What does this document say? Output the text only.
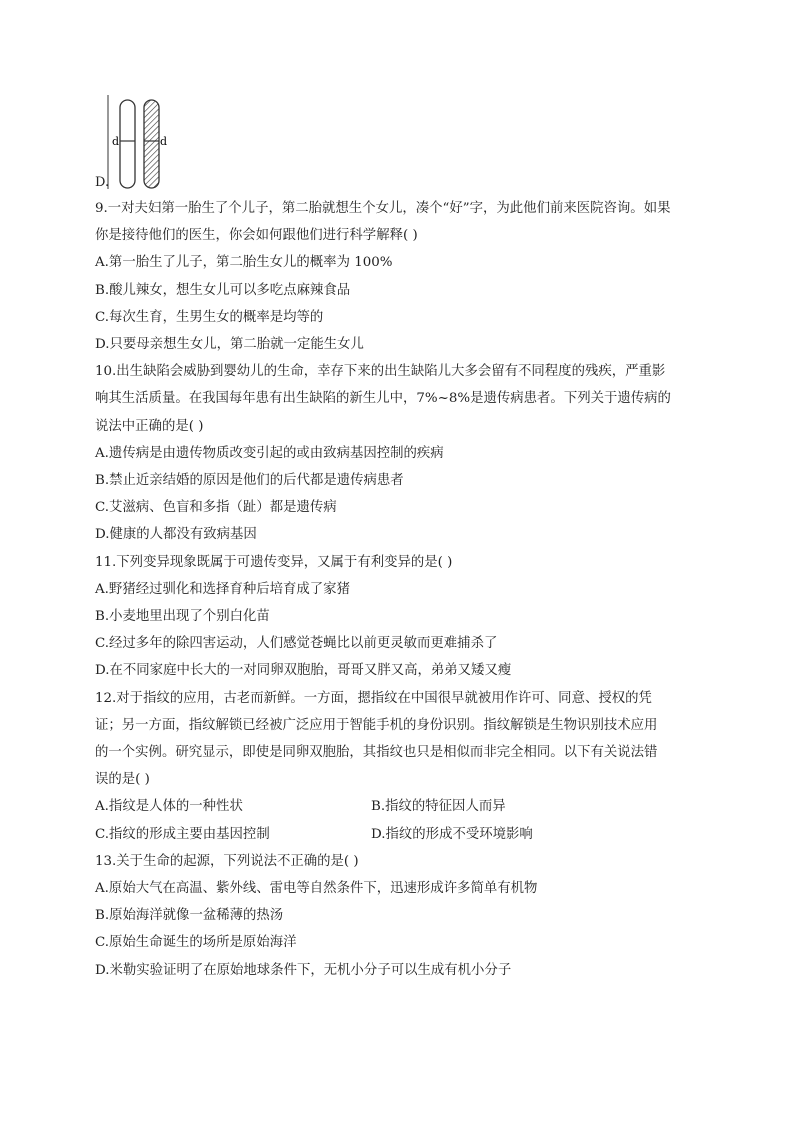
d	d
D.
9.一对夫妇第一胎生了个儿子，第二胎就想生个女儿，凑个“好”字，为此他们前来医院咨询。如果
你是接待他们的医生，你会如何跟他们进行科学解释( )
A.第一胎生了儿子，第二胎生女儿的概率为 100%
B.酸儿辣女，想生女儿可以多吃点麻辣食品
C.每次生育，生男生女的概率是均等的
D.只要母亲想生女儿，第二胎就一定能生女儿
10.出生缺陷会威胁到婴幼儿的生命，幸存下来的出生缺陷儿大多会留有不同程度的残疾，严重影
响其生活质量。在我国每年患有出生缺陷的新生儿中，7%~8%是遗传病患者。下列关于遗传病的
说法中正确的是( )
A.遗传病是由遗传物质改变引起的或由致病基因控制的疾病
B.禁止近亲结婚的原因是他们的后代都是遗传病患者
C.艾滋病、色盲和多指（趾）都是遗传病
D.健康的人都没有致病基因
11.下列变异现象既属于可遗传变异，又属于有利变异的是( )
A.野猪经过驯化和选择育种后培育成了家猪
B.小麦地里出现了个别白化苗
C.经过多年的除四害运动，人们感觉苍蝇比以前更灵敏而更难捕杀了
D.在不同家庭中长大的一对同卵双胞胎，哥哥又胖又高，弟弟又矮又瘦
12.对于指纹的应用，古老而新鲜。一方面，摁指纹在中国很早就被用作许可、同意、授权的凭
证；另一方面，指纹解锁已经被广泛应用于智能手机的身份识别。指纹解锁是生物识别技术应用
的一个实例。研究显示，即使是同卵双胞胎，其指纹也只是相似而非完全相同。以下有关说法错
误的是( )
A.指纹是人体的一种性状	B.指纹的特征因人而异
C.指纹的形成主要由基因控制	D.指纹的形成不受环境影响
13.关于生命的起源，下列说法不正确的是( )
A.原始大气在高温、紫外线、雷电等自然条件下，迅速形成许多简单有机物
B.原始海洋就像一盆稀薄的热汤
C.原始生命诞生的场所是原始海洋
D.米勒实验证明了在原始地球条件下，无机小分子可以生成有机小分子
